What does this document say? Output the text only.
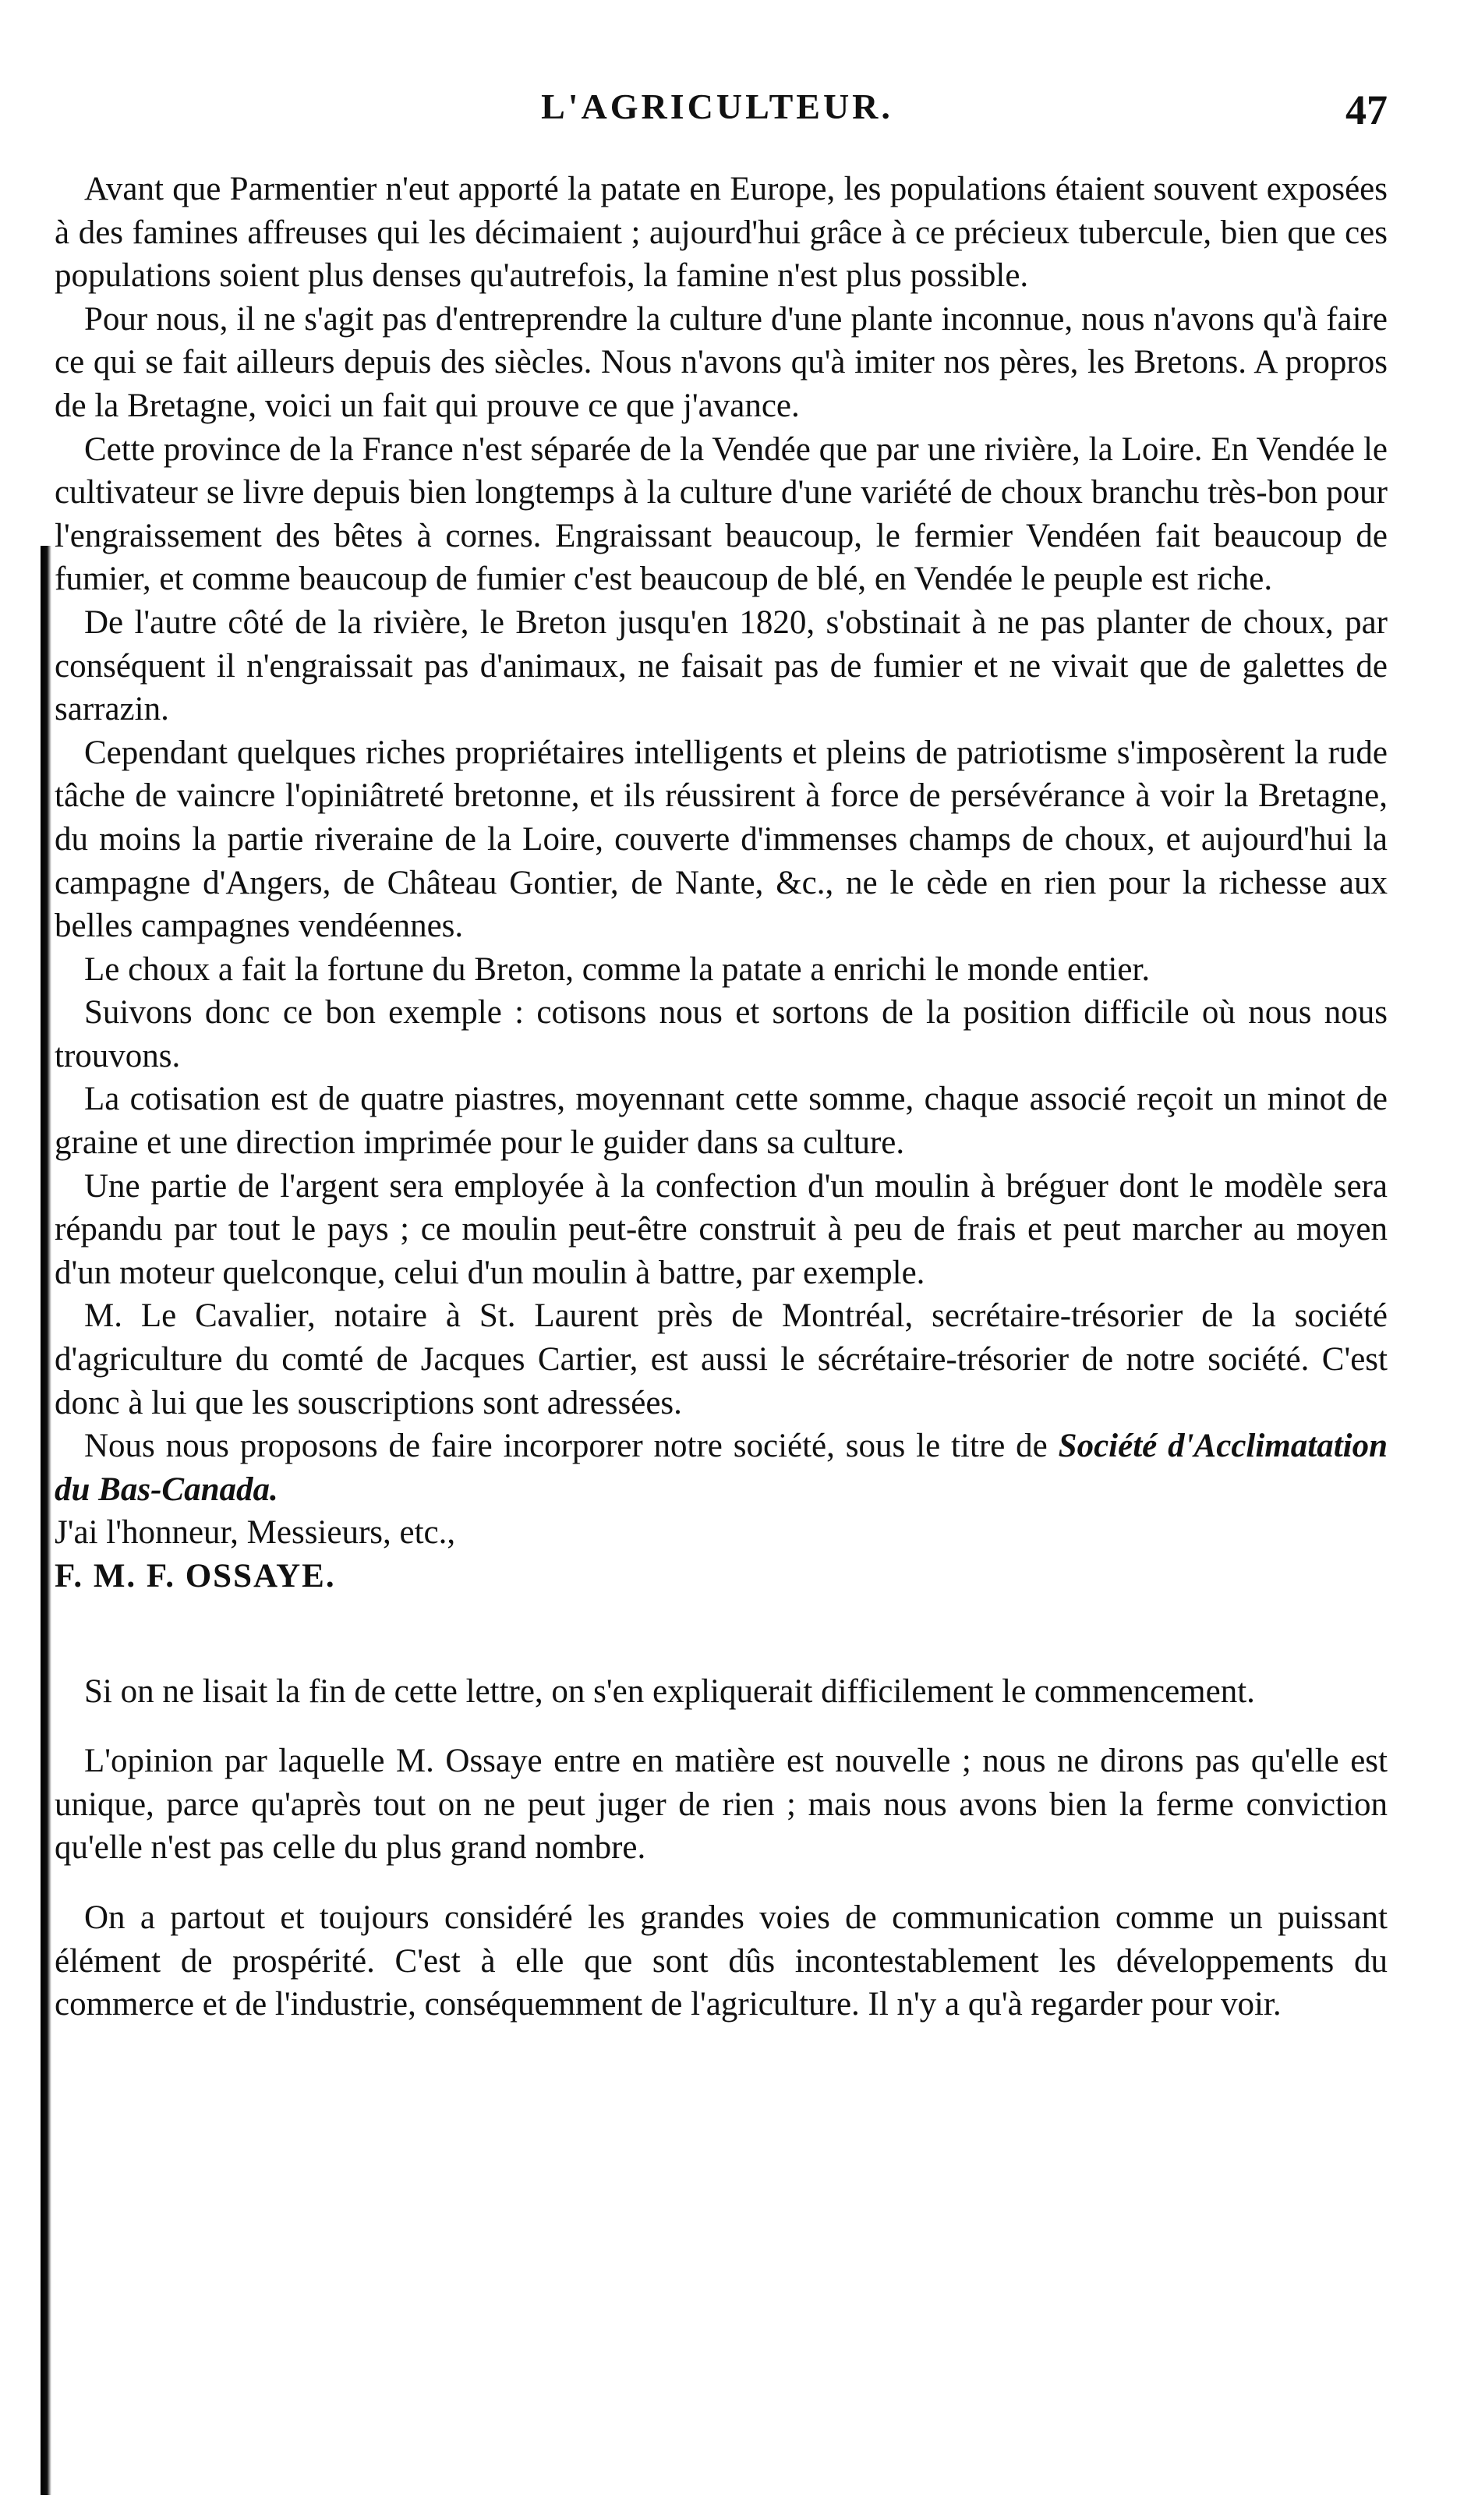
L'AGRICULTEUR.	47

Avant que Parmentier n'eut apporté la patate en Europe, les populations étaient souvent exposées à des famines affreuses qui les décimaient ; aujourd'hui grâce à ce précieux tubercule, bien que ces populations soient plus denses qu'autrefois, la famine n'est plus possible.

Pour nous, il ne s'agit pas d'entreprendre la culture d'une plante inconnue, nous n'avons qu'à faire ce qui se fait ailleurs depuis des siècles. Nous n'avons qu'à imiter nos pères, les Bretons. A propros de la Bretagne, voici un fait qui prouve ce que j'avance.

Cette province de la France n'est séparée de la Vendée que par une rivière, la Loire. En Vendée le cultivateur se livre depuis bien longtemps à la culture d'une variété de choux branchu très-bon pour l'engraissement des bêtes à cornes. Engraissant beaucoup, le fermier Vendéen fait beaucoup de fumier, et comme beaucoup de fumier c'est beaucoup de blé, en Vendée le peuple est riche.

De l'autre côté de la rivière, le Breton jusqu'en 1820, s'obstinait à ne pas planter de choux, par conséquent il n'engraissait pas d'animaux, ne faisait pas de fumier et ne vivait que de galettes de sarrazin.

Cependant quelques riches propriétaires intelligents et pleins de patriotisme s'imposèrent la rude tâche de vaincre l'opiniâtreté bretonne, et ils réussirent à force de persévérance à voir la Bretagne, du moins la partie riveraine de la Loire, couverte d'immenses champs de choux, et aujourd'hui la campagne d'Angers, de Château Gontier, de Nante, &c., ne le cède en rien pour la richesse aux belles campagnes vendéennes.

Le choux a fait la fortune du Breton, comme la patate a enrichi le monde entier.

Suivons donc ce bon exemple : cotisons nous et sortons de la position difficile où nous nous trouvons.

La cotisation est de quatre piastres, moyennant cette somme, chaque associé reçoit un minot de graine et une direction imprimée pour le guider dans sa culture.

Une partie de l'argent sera employée à la confection d'un moulin à bréguer dont le modèle sera répandu par tout le pays ; ce moulin peut-être construit à peu de frais et peut marcher au moyen d'un moteur quelconque, celui d'un moulin à battre, par exemple.

M. Le Cavalier, notaire à St. Laurent près de Montréal, secrétaire-trésorier de la société d'agriculture du comté de Jacques Cartier, est aussi le sécrétaire-trésorier de notre société. C'est donc à lui que les souscriptions sont adressées.

Nous nous proposons de faire incorporer notre société, sous le titre de Société d'Acclimatation du Bas-Canada.

J'ai l'honneur, Messieurs, etc.,

F. M. F. OSSAYE.

Si on ne lisait la fin de cette lettre, on s'en expliquerait difficilement le commencement.

L'opinion par laquelle M. Ossaye entre en matière est nouvelle ; nous ne dirons pas qu'elle est unique, parce qu'après tout on ne peut juger de rien ; mais nous avons bien la ferme conviction qu'elle n'est pas celle du plus grand nombre.

On a partout et toujours considéré les grandes voies de communication comme un puissant élément de prospérité. C'est à elle que sont dûs incontestablement les développements du commerce et de l'industrie, conséquemment de l'agriculture. Il n'y a qu'à regarder pour voir.
